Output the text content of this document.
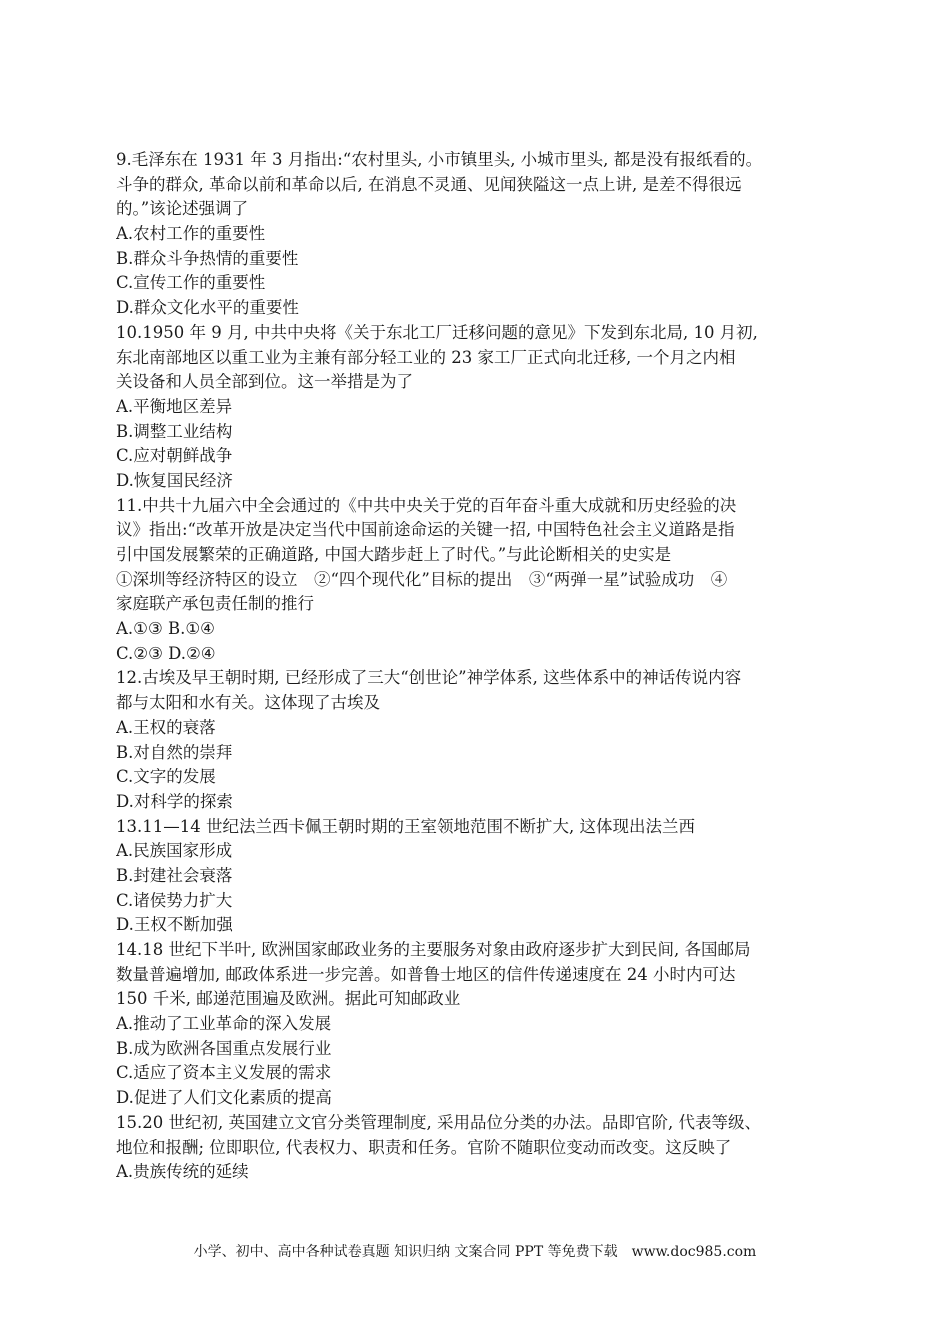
9.毛泽东在 1931 年 3 月指出:“农村里头, 小市镇里头, 小城市里头, 都是没有报纸看的。
斗争的群众, 革命以前和革命以后, 在消息不灵通、见闻狭隘这一点上讲, 是差不得很远
的。”该论述强调了
A.农村工作的重要性
B.群众斗争热情的重要性
C.宣传工作的重要性
D.群众文化水平的重要性
10.1950 年 9 月, 中共中央将《关于东北工厂迁移问题的意见》下发到东北局, 10 月初,
东北南部地区以重工业为主兼有部分轻工业的 23 家工厂正式向北迁移, 一个月之内相
关设备和人员全部到位。这一举措是为了
A.平衡地区差异
B.调整工业结构
C.应对朝鲜战争
D.恢复国民经济
11.中共十九届六中全会通过的《中共中央关于党的百年奋斗重大成就和历史经验的决
议》指出:“改革开放是决定当代中国前途命运的关键一招, 中国特色社会主义道路是指
引中国发展繁荣的正确道路, 中国大踏步赶上了时代。”与此论断相关的史实是
①深圳等经济特区的设立　②“四个现代化”目标的提出　③“两弹一星”试验成功　④
家庭联产承包责任制的推行
A.①③ B.①④
C.②③ D.②④
12.古埃及早王朝时期, 已经形成了三大“创世论”神学体系, 这些体系中的神话传说内容
都与太阳和水有关。这体现了古埃及
A.王权的衰落
B.对自然的崇拜
C.文字的发展
D.对科学的探索
13.11—14 世纪法兰西卡佩王朝时期的王室领地范围不断扩大, 这体现出法兰西
A.民族国家形成
B.封建社会衰落
C.诸侯势力扩大
D.王权不断加强
14.18 世纪下半叶, 欧洲国家邮政业务的主要服务对象由政府逐步扩大到民间, 各国邮局
数量普遍增加, 邮政体系进一步完善。如普鲁士地区的信件传递速度在 24 小时内可达
150 千米, 邮递范围遍及欧洲。据此可知邮政业
A.推动了工业革命的深入发展
B.成为欧洲各国重点发展行业
C.适应了资本主义发展的需求
D.促进了人们文化素质的提高
15.20 世纪初, 英国建立文官分类管理制度, 采用品位分类的办法。品即官阶, 代表等级、
地位和报酬; 位即职位, 代表权力、职责和任务。官阶不随职位变动而改变。这反映了
A.贵族传统的延续
小学、初中、高中各种试卷真题 知识归纳 文案合同 PPT 等免费下载 www.doc985.com
